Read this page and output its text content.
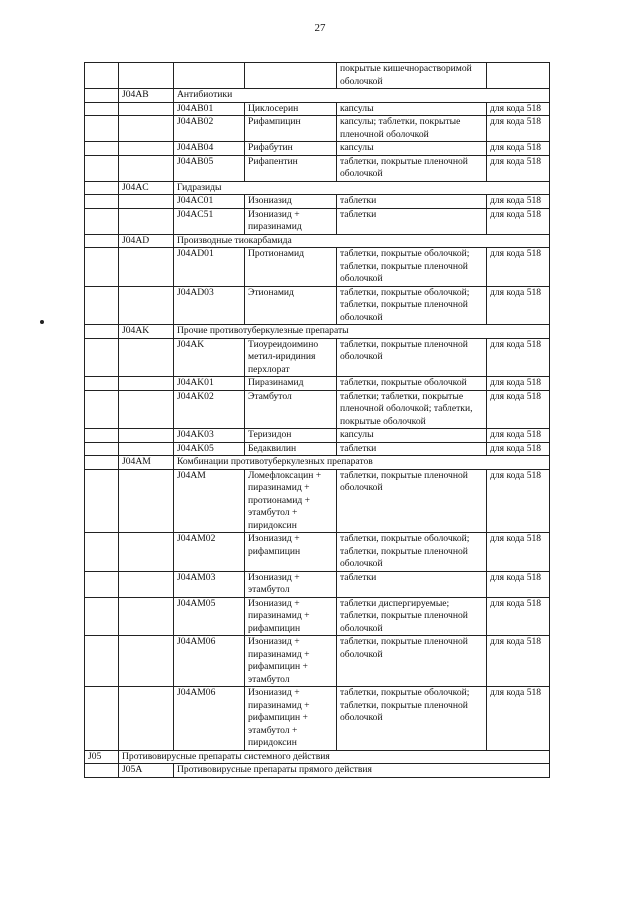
27
				покрытые кишечнорастворимой оболочкой	
	J04AB	Антибиотики			
		J04AB01	Циклосерин	капсулы	для кода 518
		J04AB02	Рифампицин	капсулы; таблетки, покрытые пленочной оболочкой	для кода 518
		J04AB04	Рифабутин	капсулы	для кода 518
		J04AB05	Рифапентин	таблетки, покрытые пленочной оболочкой	для кода 518
	J04AC	Гидразиды			
		J04AC01	Изониазид	таблетки	для кода 518
		J04AC51	Изониазид + пиразинамид	таблетки	для кода 518
	J04AD	Производные тиокарбамида			
		J04AD01	Протионамид	таблетки, покрытые оболочкой; таблетки, покрытые пленочной оболочкой	для кода 518
		J04AD03	Этионамид	таблетки, покрытые оболочкой; таблетки, покрытые пленочной оболочкой	для кода 518
	J04AK	Прочие противотуберкулезные препараты			
		J04AK	Тиоуреидоимино метил-иридиния перхлорат	таблетки, покрытые пленочной оболочкой	для кода 518
		J04AK01	Пиразинамид	таблетки, покрытые оболочкой	для кода 518
		J04AK02	Этамбутол	таблетки; таблетки, покрытые пленочной оболочкой; таблетки, покрытые оболочкой	для кода 518
		J04AK03	Теризидон	капсулы	для кода 518
		J04AK05	Бедаквилин	таблетки	для кода 518
	J04AM	Комбинации противотуберкулезных препаратов			
		J04AM	Ломефлоксацин + пиразинамид + протионамид + этамбутол + пиридоксин	таблетки, покрытые пленочной оболочкой	для кода 518
		J04AM02	Изониазид + рифампицин	таблетки, покрытые оболочкой; таблетки, покрытые пленочной оболочкой	для кода 518
		J04AM03	Изониазид + этамбутол	таблетки	для кода 518
		J04AM05	Изониазид + пиразинамид + рифампицин	таблетки диспергируемые; таблетки, покрытые пленочной оболочкой	для кода 518
		J04AM06	Изониазид + пиразинамид + рифампицин + этамбутол	таблетки, покрытые пленочной оболочкой	для кода 518
		J04AM06	Изониазид + пиразинамид + рифампицин + этамбутол + пиридоксин	таблетки, покрытые оболочкой; таблетки, покрытые пленочной оболочкой	для кода 518
J05	Противовирусные препараты системного действия				
	J05A	Противовирусные препараты прямого действия			
